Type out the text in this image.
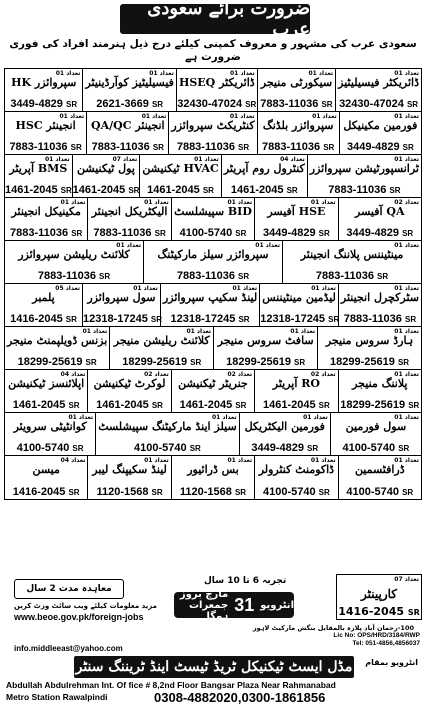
ضرورت برائے سعودی عرب
سعودی عرب کی مشہور و معروف کمپنی کیلئے درج ذیل ہنرمند افراد کی فوری ضرورت ہے
تعداد 01
ڈائریکٹر فیسیلیٹیز
32430-47024 SR
تعداد 01
سیکورٹی منیجر
7883-11036 SR
تعداد 01
ڈائریکٹر HSEQ
32430-47024 SR
تعداد 01
فیسیلیٹیز کوآرڈینیٹر
2621-3669 SR
تعداد 01
سپروائزر HK
3449-4829 SR
تعداد 01
فورمین مکینیکل
3449-4829 SR
تعداد 01
سپروائزر بلڈنگ
7883-11036 SR
تعداد 01
کنٹریکٹ سپروائزر
7883-11036 SR
تعداد 01
انجینئر QA/QC
7883-11036 SR
تعداد 01
انجینئر HSC
7883-11036 SR
تعداد 01
ٹرانسپورٹیشن سپروائزر
7883-11036 SR
تعداد 04
کنٹرول روم آپریٹر
1461-2045 SR
تعداد 01
HVAC ٹیکنیشن
1461-2045 SR
تعداد 07
پول ٹیکنیشن
1461-2045 SR
تعداد 01
BMS آپریٹر
1461-2045 SR
تعداد 02
QA آفیسر
3449-4829 SR
تعداد 01
HSE آفیسر
3449-4829 SR
تعداد 01
BID سپیشلسٹ
4100-5740 SR
تعداد 01
الیکٹریکل انجینئر
7883-11036 SR
تعداد 01
مکینیکل انجینئر
7883-11036 SR
تعداد 01
مینٹیننس پلاننگ انجینئر
7883-11036 SR
تعداد 01
سپروائزر سیلز مارکیٹنگ
7883-11036 SR
تعداد 01
کلائنٹ ریلیشن سپروائزر
7883-11036 SR
تعداد 01
سٹرکچرل انجینئر
7883-11036 SR
تعداد 01
لیڈمین مینٹیننس
12318-17245 SR
تعداد 01
لینڈ سکیپ سپروائزر
12318-17245 SR
تعداد 01
سول سپروائزر
12318-17245 SR
تعداد 05
پلمبر
1416-2045 SR
تعداد 01
ہارڈ سروس منیجر
18299-25619 SR
تعداد 01
سافٹ سروس منیجر
18299-25619 SR
تعداد 01
کلائنٹ ریلیشن منیجر
18299-25619 SR
تعداد 01
بزنس ڈویلپمنٹ منیجر
18299-25619 SR
تعداد 01
پلاننگ منیجر
18299-25619 SR
تعداد 02
RO آپریٹر
1461-2045 SR
تعداد 02
جنریٹر ٹیکنیشن
1461-2045 SR
تعداد 02
لوکرٹ ٹیکنیشن
1461-2045 SR
تعداد 04
اپلائنسز ٹیکنیشن
1461-2045 SR
تعداد 01
سول فورمین
4100-5740 SR
تعداد 01
فورمین الیکٹریکل
3449-4829 SR
تعداد 01
سیلز اینڈ مارکیٹنگ سپیشلسٹ
4100-5740 SR
تعداد 01
کوانٹیٹی سرویئر
4100-5740 SR
تعداد 01
ڈرافٹسمین
4100-5740 SR
تعداد 01
ڈاکومنٹ کنٹرولر
4100-5740 SR
تعداد 01
بس ڈرائیور
1120-1568 SR
تعداد 01
لینڈ سکیپنگ لیبر
1120-1568 SR
تعداد 04
میسن
1416-2045 SR
معاہدہ مدت 2 سال
انٹرویو
31
مارچ بروز جمعرات ہوگا
تجربہ 6 تا 10 سال	تعداد 07
کارپینٹر
1416-2045 SR
مزید معلومات کیلئے ویب سائٹ وزٹ کریں
www.beoe.gov.pk/foreign-jobs
100-رحمان آباد پلازہ بالمقابل بنگش مارکیٹ لاہور
info.middleeast@yahoo.com
Lic No: OPS/HRD/3184/RWP
Tel: 051-4856,4856037
انٹرویو بمقام
مڈل ایسٹ ٹیکنیکل ٹریڈ ٹیسٹ اینڈ ٹریننگ سنٹر
Abdullah Abdulrehman Int. Of fice # 8,2nd Floor Bangsar Plaza Near Rahmanabad
Metro Station Rawalpindi	0308-4882020,0300-1861856
